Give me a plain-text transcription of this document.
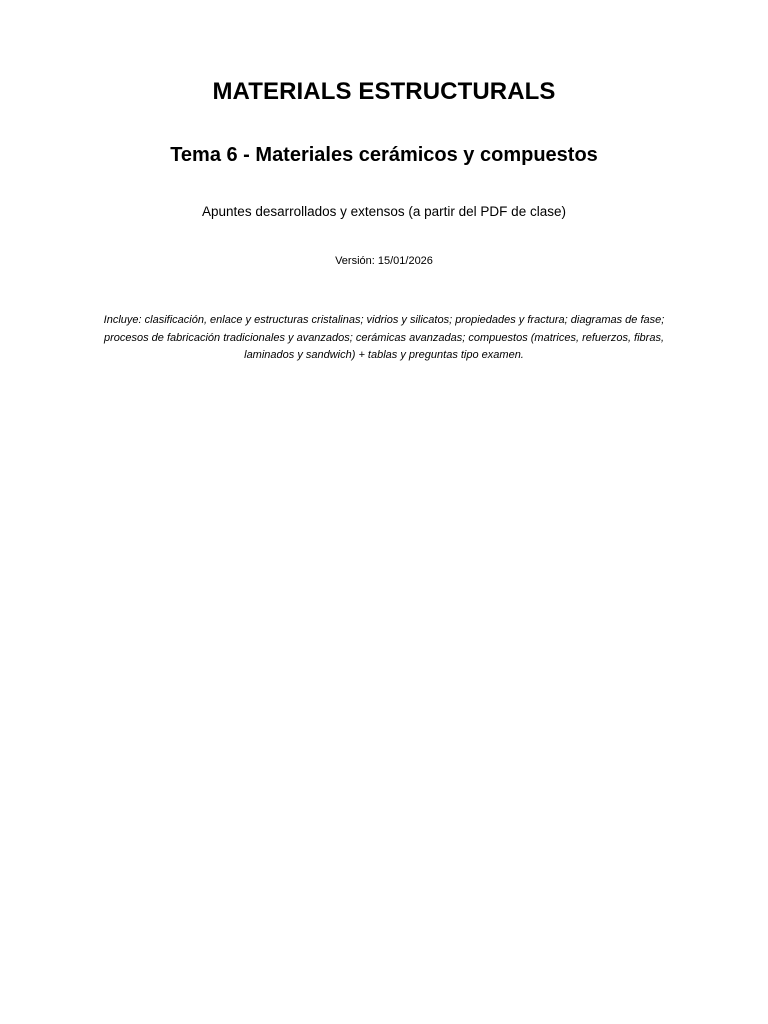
MATERIALS ESTRUCTURALS
Tema 6 - Materiales cerámicos y compuestos
Apuntes desarrollados y extensos (a partir del PDF de clase)
Versión: 15/01/2026
Incluye: clasificación, enlace y estructuras cristalinas; vidrios y silicatos; propiedades y fractura; diagramas de fase; procesos de fabricación tradicionales y avanzados; cerámicas avanzadas; compuestos (matrices, refuerzos, fibras, laminados y sandwich) + tablas y preguntas tipo examen.
